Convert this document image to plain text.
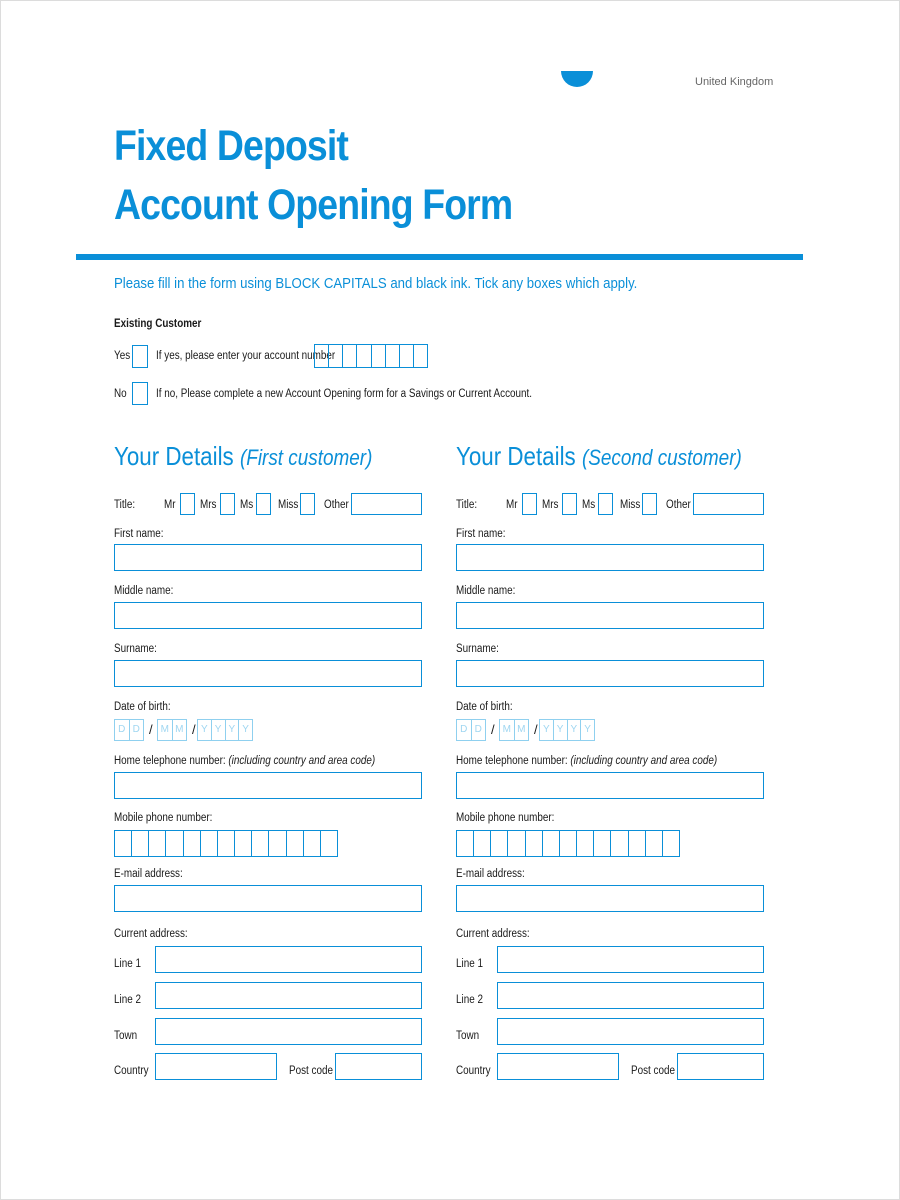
United Kingdom
Fixed Deposit
Account Opening Form
Please fill in the form using BLOCK CAPITALS and black ink. Tick any boxes which apply.
Existing Customer
Yes If yes, please enter your account number
No	If no, Please complete a new Account Opening form for a Savings or Current Account.
Your Details (First customer)
Title:	Mr Mrs Ms Miss Other
First name:
Middle name:
Surname:
Date of birth:
D D / M M / Y Y Y Y
Home telephone number: (including country and area code)
Mobile phone number:
E-mail address:
Current address:
Line 1
Line 2
Town
Country	Post code
Your Details (Second customer)
Title:	Mr Mrs Ms Miss Other
First name:
Middle name:
Surname:
Date of birth:
D D / M M / Y Y Y Y
Home telephone number: (including country and area code)
Mobile phone number:
E-mail address:
Current address:
Line 1
Line 2
Town
Country	Post code
